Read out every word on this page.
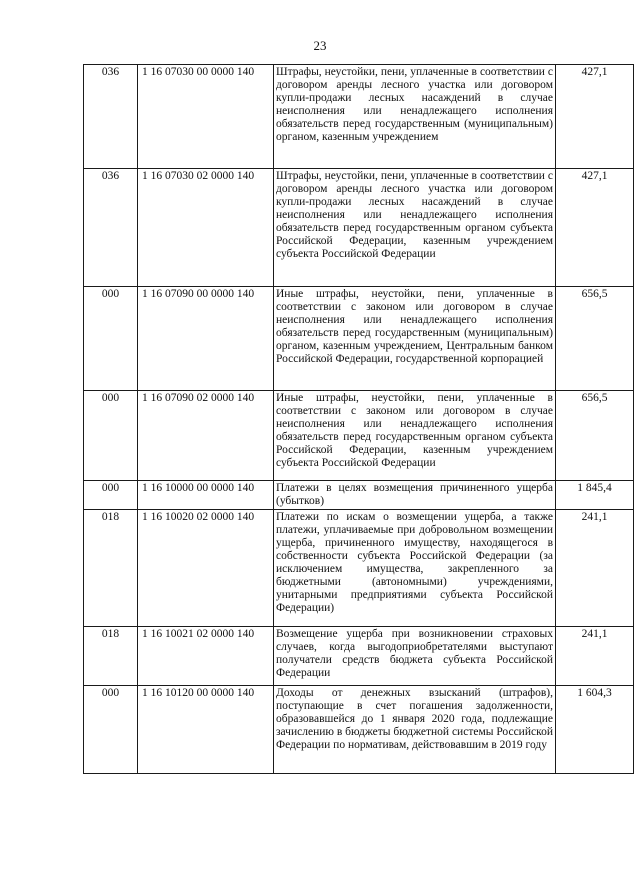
23
036	1 16 07030 00 0000 140	Штрафы, неустойки, пени, уплаченные в соответствии с договором аренды лесного участка или договором купли-продажи лесных насаждений в случае неисполнения или ненадлежащего исполнения обязательств перед государственным (муниципальным) органом, казенным учреждением	427,1
036	1 16 07030 02 0000 140	Штрафы, неустойки, пени, уплаченные в соответствии с договором аренды лесного участка или договором купли-продажи лесных насаждений в случае неисполнения или ненадлежащего исполнения обязательств перед государственным органом субъекта Российской Федерации, казенным учреждением субъекта Российской Федерации	427,1
000	1 16 07090 00 0000 140	Иные штрафы, неустойки, пени, уплаченные в соответствии с законом или договором в случае неисполнения или ненадлежащего исполнения обязательств перед государственным (муниципальным) органом, казенным учреждением, Центральным банком Российской Федерации, государственной корпорацией	656,5
000	1 16 07090 02 0000 140	Иные штрафы, неустойки, пени, уплаченные в соответствии с законом или договором в случае неисполнения или ненадлежащего исполнения обязательств перед государственным органом субъекта Российской Федерации, казенным учреждением субъекта Российской Федерации	656,5
000	1 16 10000 00 0000 140	Платежи в целях возмещения причиненного ущерба (убытков)	1 845,4
018	1 16 10020 02 0000 140	Платежи по искам о возмещении ущерба, а также платежи, уплачиваемые при добровольном возмещении ущерба, причиненного имуществу, находящегося в собственности субъекта Российской Федерации (за исключением имущества, закрепленного за бюджетными (автономными) учреждениями, унитарными предприятиями субъекта Российской Федерации)	241,1
018	1 16 10021 02 0000 140	Возмещение ущерба при возникновении страховых случаев, когда выгодоприобретателями выступают получатели средств бюджета субъекта Российской Федерации	241,1
000	1 16 10120 00 0000 140	Доходы от денежных взысканий (штрафов), поступающие в счет погашения задолженности, образовавшейся до 1 января 2020 года, подлежащие зачислению в бюджеты бюджетной системы Российской Федерации по нормативам, действовавшим в 2019 году	1 604,3
